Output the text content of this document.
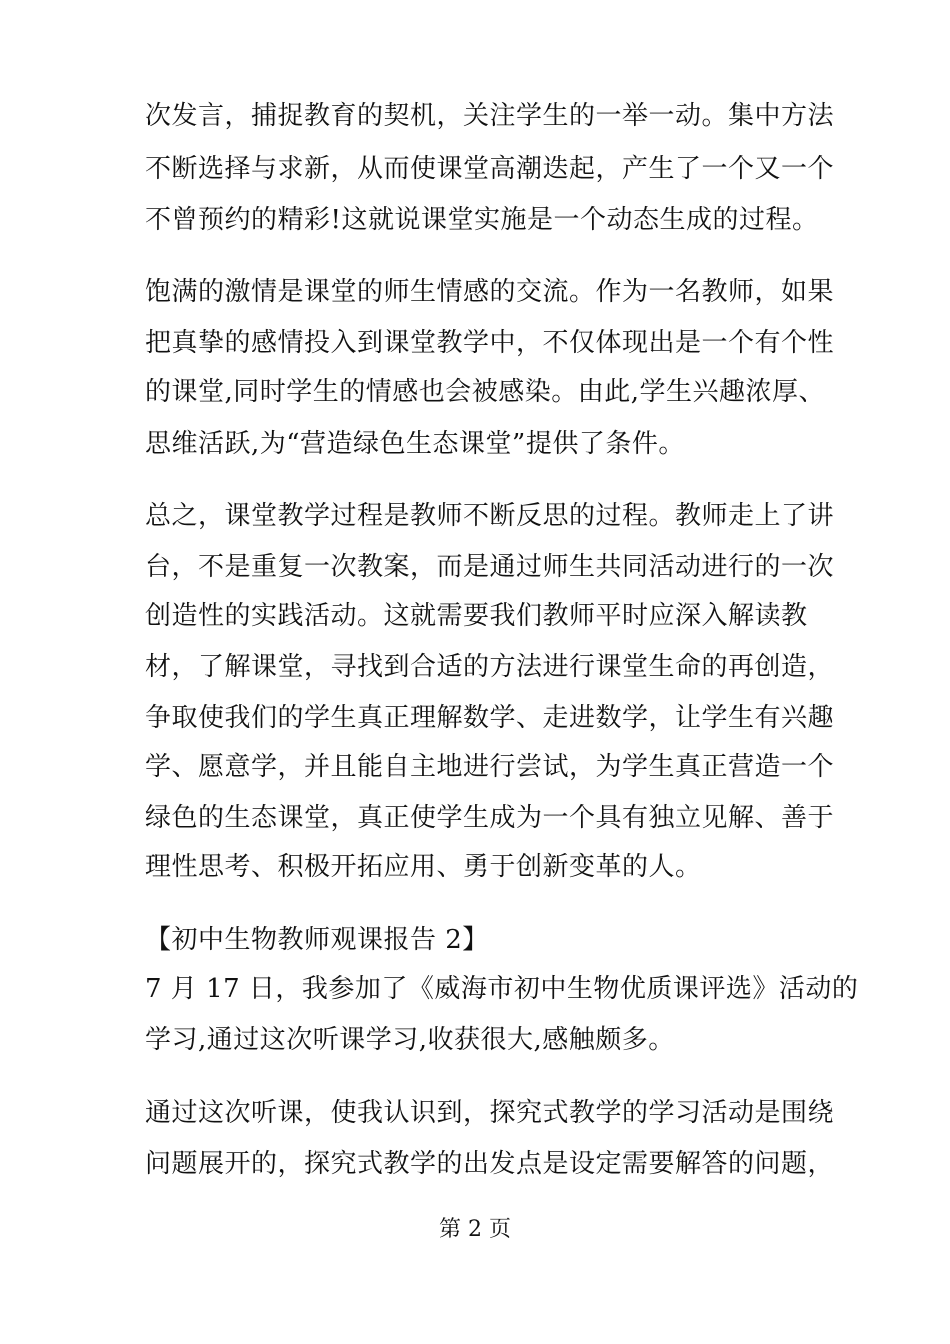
次发言，捕捉教育的契机，关注学生的一举一动。集中方法
不断选择与求新，从而使课堂高潮迭起，产生了一个又一个
不曾预约的精彩!这就说课堂实施是一个动态生成的过程。
饱满的激情是课堂的师生情感的交流。作为一名教师，如果
把真挚的感情投入到课堂教学中，不仅体现出是一个有个性
的课堂,同时学生的情感也会被感染。由此,学生兴趣浓厚、
思维活跃,为“营造绿色生态课堂”提供了条件。
总之，课堂教学过程是教师不断反思的过程。教师走上了讲
台，不是重复一次教案，而是通过师生共同活动进行的一次
创造性的实践活动。这就需要我们教师平时应深入解读教
材，了解课堂，寻找到合适的方法进行课堂生命的再创造，
争取使我们的学生真正理解数学、走进数学，让学生有兴趣
学、愿意学，并且能自主地进行尝试，为学生真正营造一个
绿色的生态课堂，真正使学生成为一个具有独立见解、善于
理性思考、积极开拓应用、勇于创新变革的人。
【初中生物教师观课报告 2】
7 月 17 日，我参加了《威海市初中生物优质课评选》活动的
学习,通过这次听课学习,收获很大,感触颇多。
通过这次听课，使我认识到，探究式教学的学习活动是围绕
问题展开的，探究式教学的出发点是设定需要解答的问题，
第 2 页
